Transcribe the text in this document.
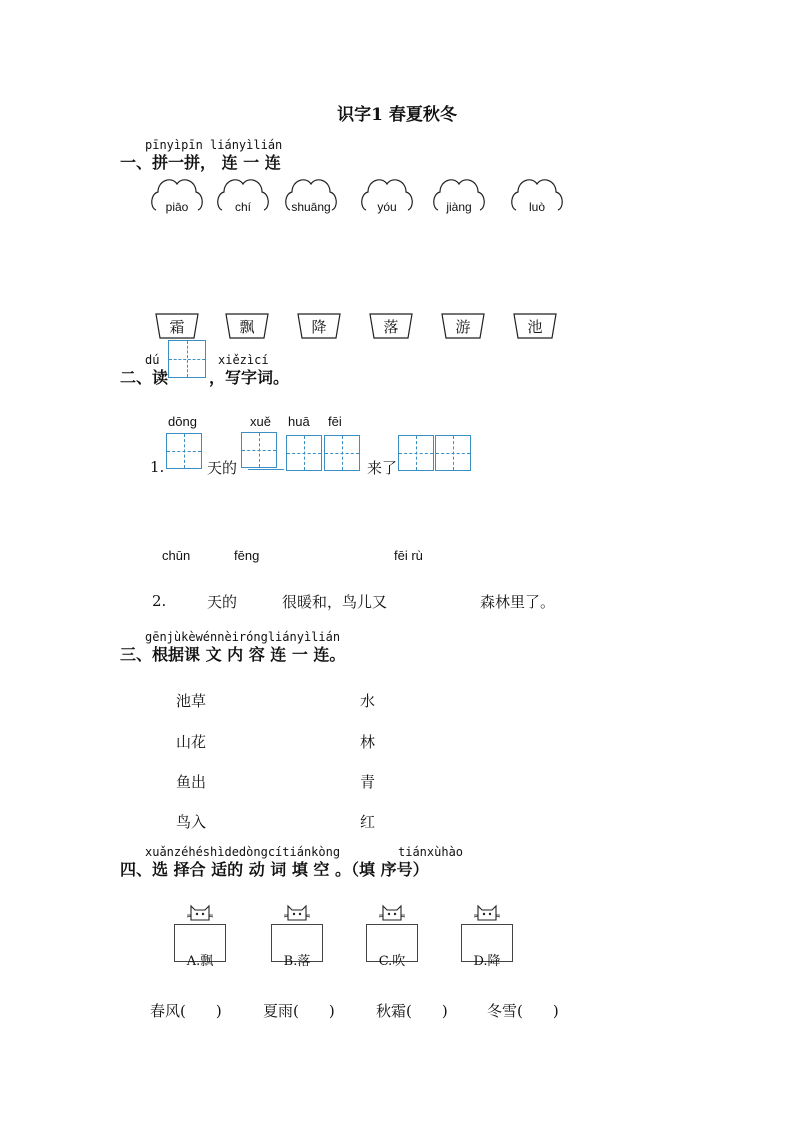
识字1 春夏秋冬
pīnyìpīn liányìlián
一、拼一拼， 连 一 连
piāo	chí	shuāng	yóu	jiàng	luò
霜	飘	降	落	游	池
dú	xiězìcí
二、读	，写字词。
dōng	xuě huā fēi
1.	天的	来了
chūn	fēng	fēi rù
2.	天的	很暖和，鸟儿又	森林里了。
gēnjùkèwénnèiróngliányìlián
三、根据课 文 内 容 连 一 连。
池草
山花
鱼出
鸟入
水
林
青
红
xuǎnzéhéshìdedòngcítiánkòng	tiánxùhào
四、选 择合 适的 动 词 填 空 。（填 序号）
A.飘	B.落	C.吹	D.降
春风(　　)	夏雨(　　)	秋霜(　　)	冬雪(　　)
